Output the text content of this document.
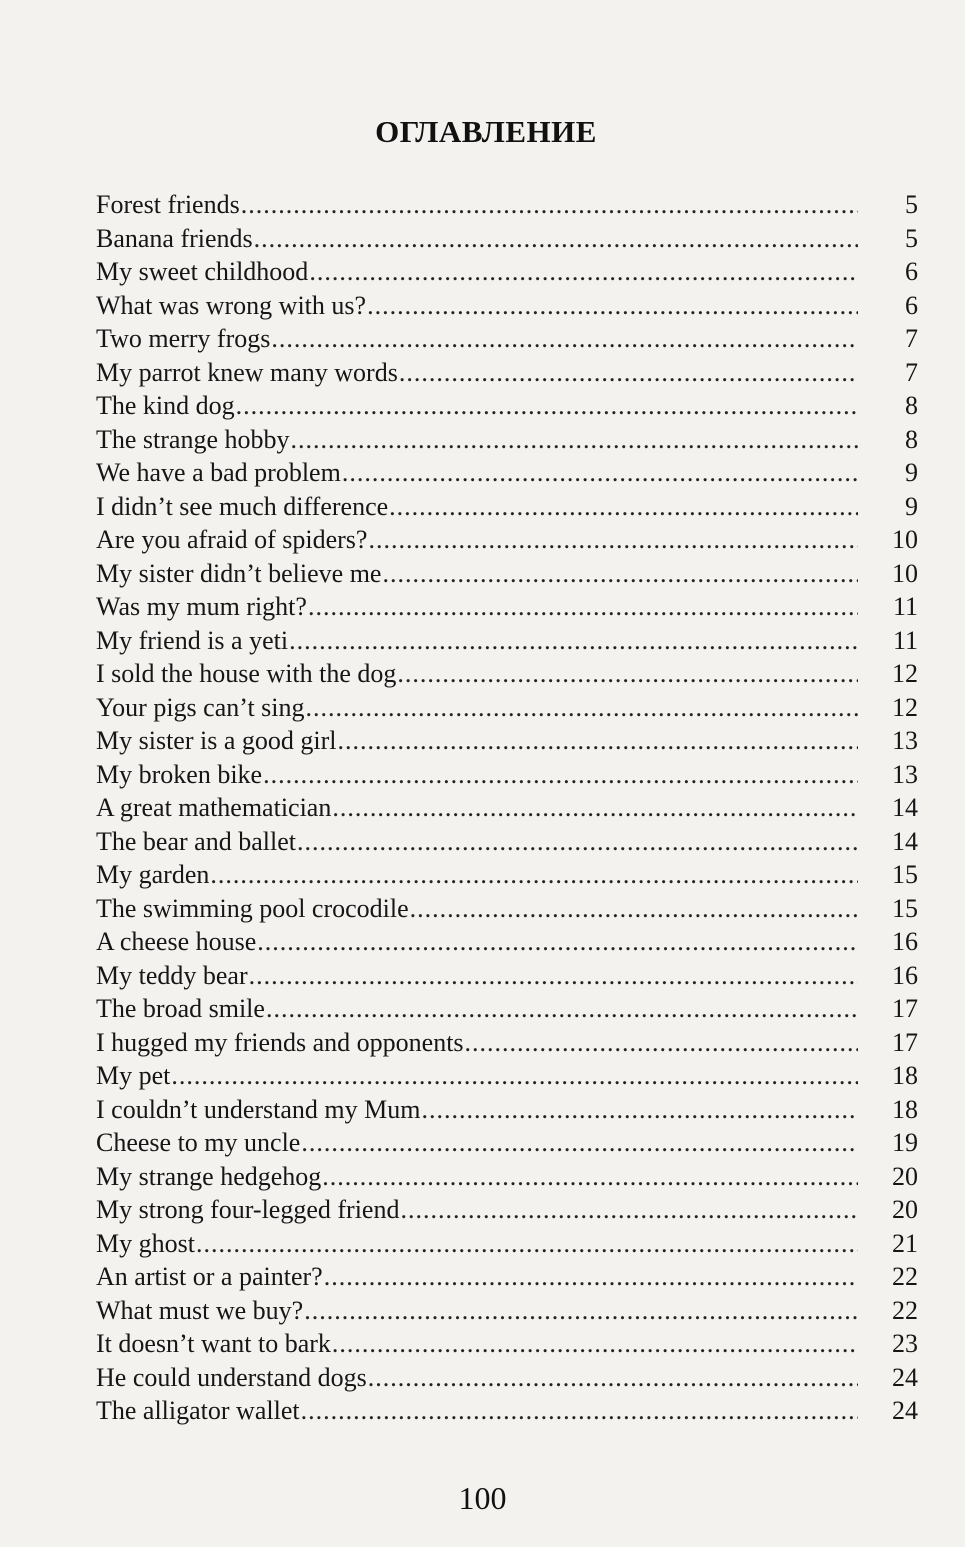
ОГЛАВЛЕНИЕ
Forest friends .....	5
Banana friends .....	5
My sweet childhood .....	6
What was wrong with us? .....	6
Two merry frogs .....	7
My parrot knew many words .....	7
The kind dog .....	8
The strange hobby .....	8
We have a bad problem .....	9
I didn’t see much difference .....	9
Are you afraid of spiders? .....	10
My sister didn’t believe me .....	10
Was my mum right? .....	11
My friend is a yeti .....	11
I sold the house with the dog .....	12
Your pigs can’t sing .....	12
My sister is a good girl .....	13
My broken bike .....	13
A great mathematician .....	14
The bear and ballet .....	14
My garden .....	15
The swimming pool crocodile .....	15
A cheese house .....	16
My teddy bear .....	16
The broad smile .....	17
I hugged my friends and opponents .....	17
My pet .....	18
I couldn’t understand my Mum .....	18
Cheese to my uncle .....	19
My strange hedgehog .....	20
My strong four-legged friend .....	20
My ghost .....	21
An artist or a painter? .....	22
What must we buy? .....	22
It doesn’t want to bark .....	23
He could understand dogs .....	24
The alligator wallet .....	24
100
